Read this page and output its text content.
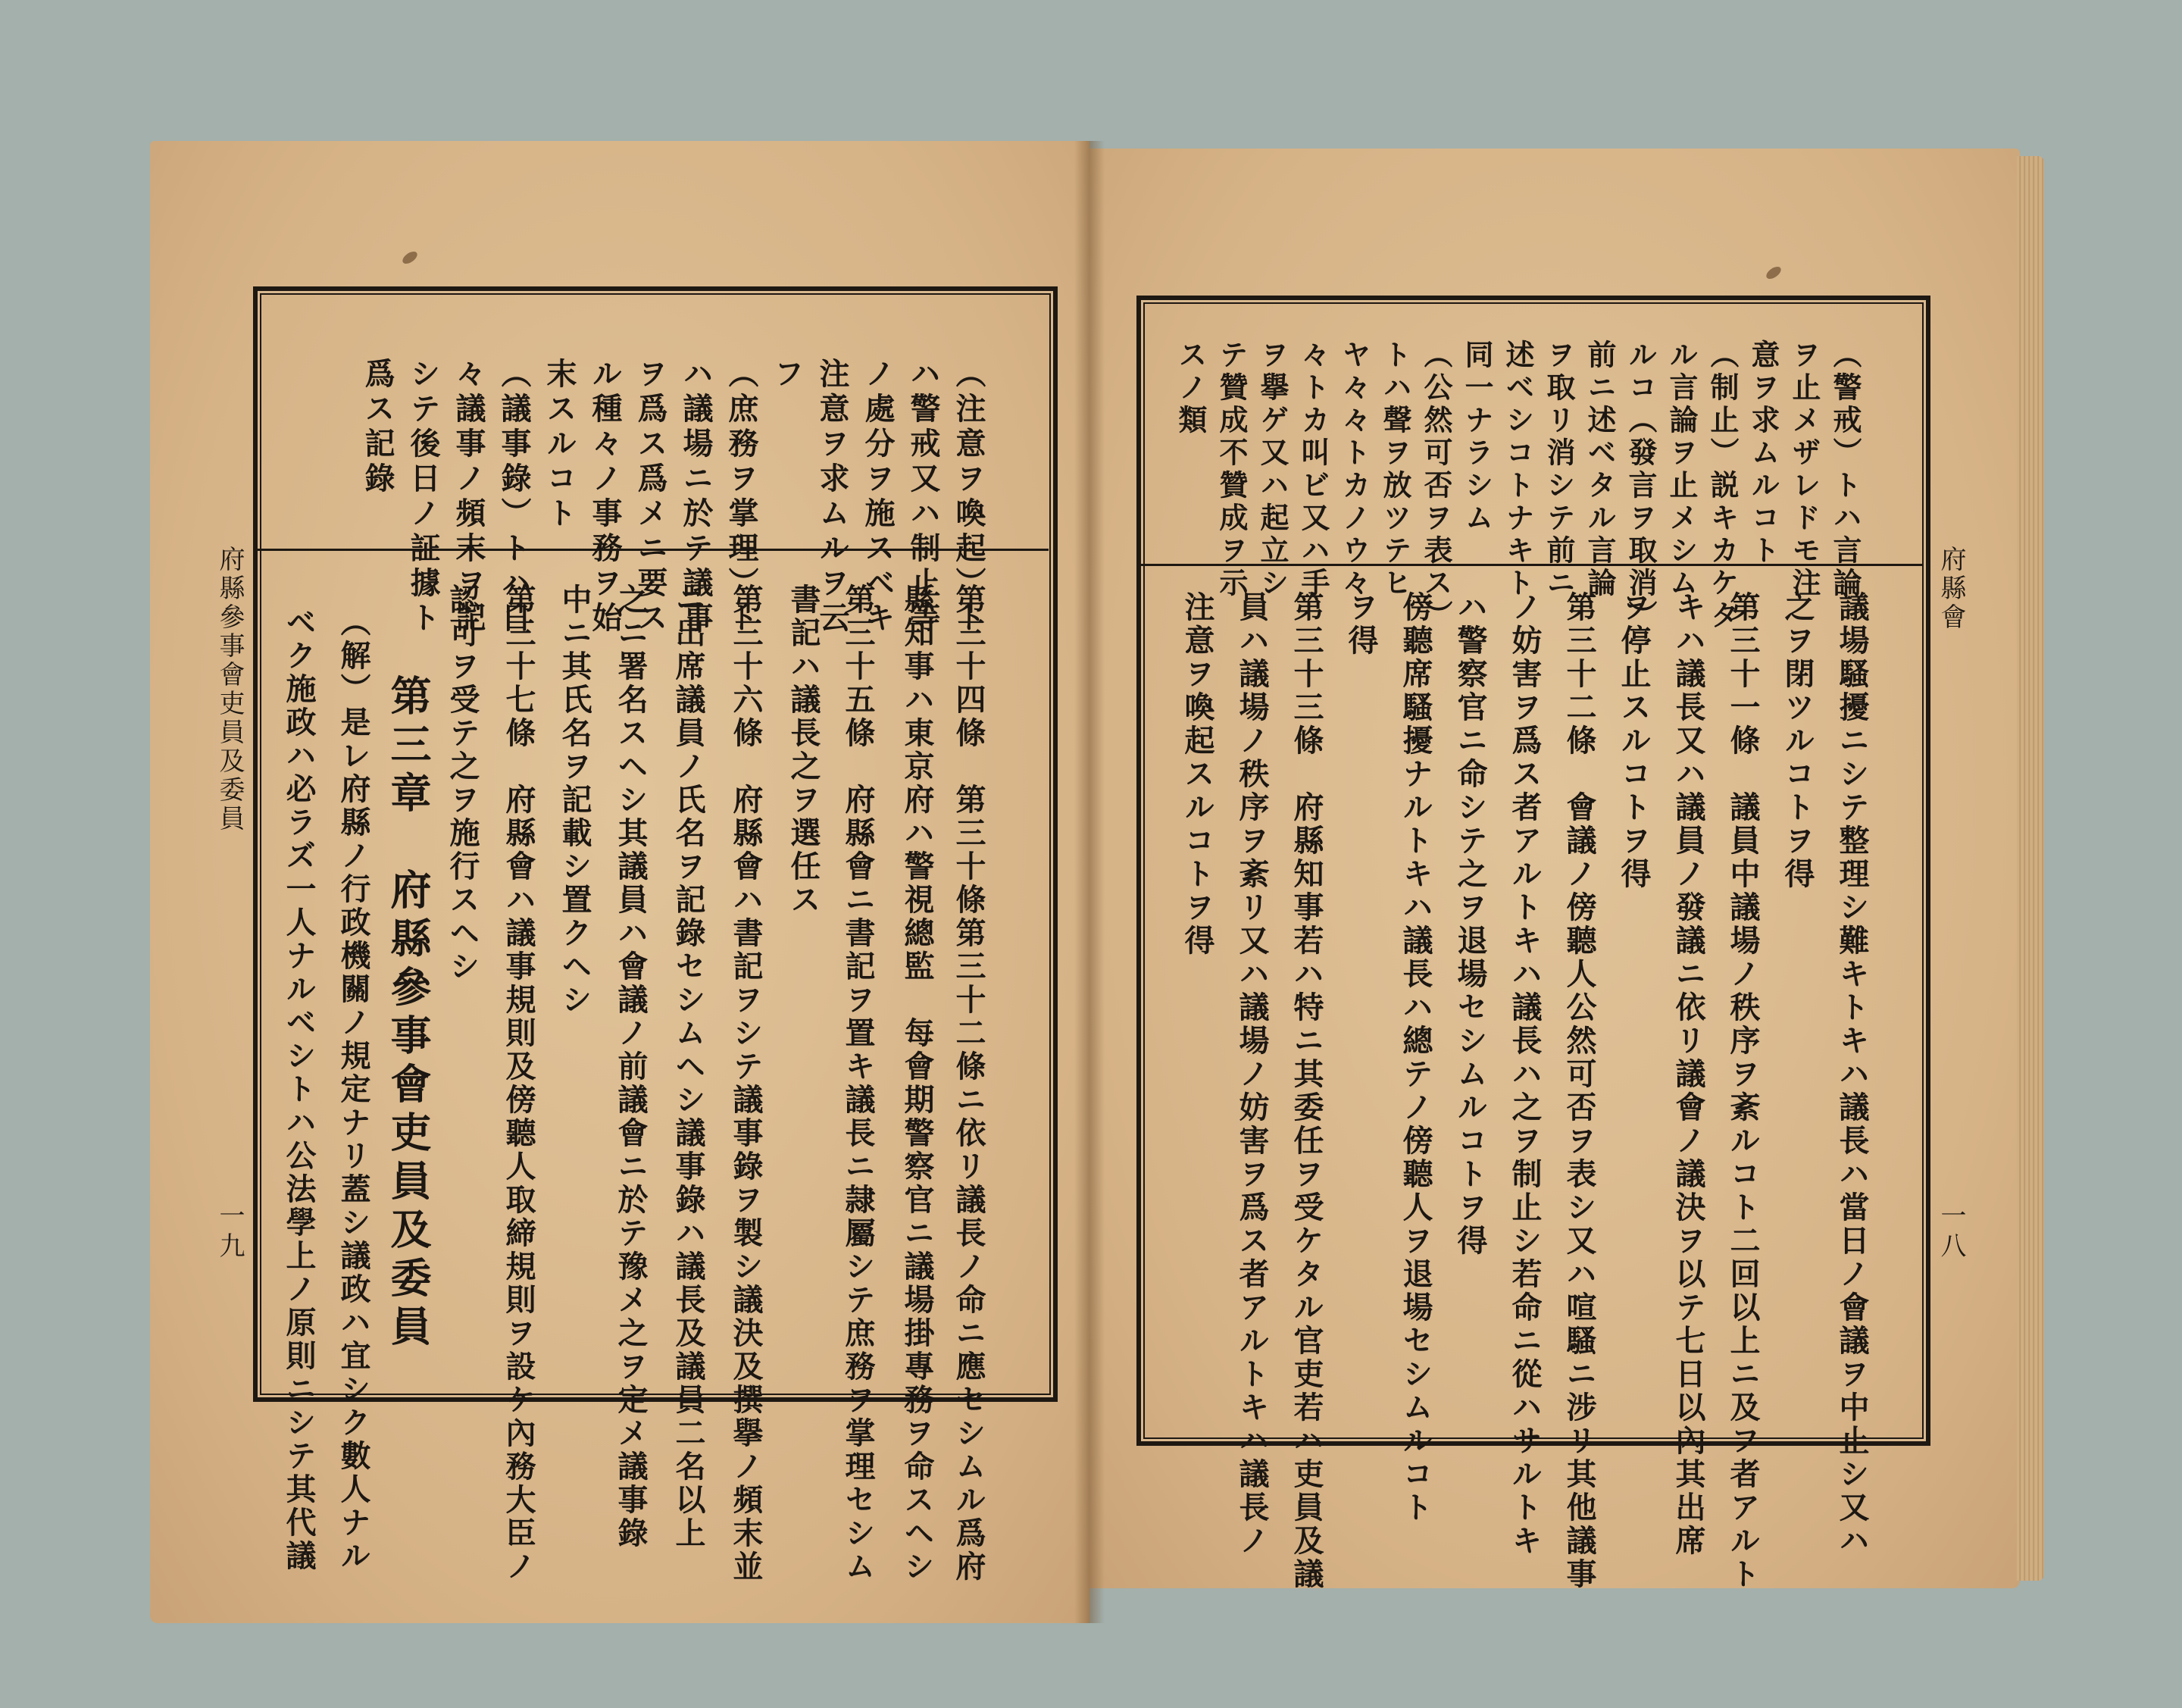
府縣參事會吏員及委員
一九
府縣會
一八
（注意ヲ喚起）ト
ハ警戒又ハ制止等
ノ處分ヲ施スベキ
注意ヲ求ムルヲ云
フ
（庶務ヲ掌理）ト
ハ議場ニ於テ議事
ヲ爲ス爲メニ要ス
ル種々ノ事務ヲ始
末スルコト
（議事錄）トハ日
々議事ノ頻末ヲ記
シテ後日ノ証據ト
爲ス記錄
第三十四條　第三十條第三十二條ニ依リ議長ノ命ニ應セシムル爲府
縣知事ハ東京府ハ警視總監　每會期警察官ニ議場掛專務ヲ命スヘシ
第三十五條　府縣會ニ書記ヲ置キ議長ニ隷屬シテ庶務ヲ掌理セシム
書記ハ議長之ヲ選任ス
第三十六條　府縣會ハ書記ヲシテ議事錄ヲ製シ議決及撰擧ノ頻末並
ニ出席議員ノ氏名ヲ記錄セシムヘシ議事錄ハ議長及議員二名以上
之ニ署名スヘシ其議員ハ會議ノ前議會ニ於テ豫メ之ヲ定メ議事錄
中ニ其氏名ヲ記載シ置クヘシ
第三十七條　府縣會ハ議事規則及傍聽人取締規則ヲ設ケ內務大臣ノ
認可ヲ受テ之ヲ施行スヘシ
第三章　府縣參事會吏員及委員
（解）是レ府縣ノ行政機關ノ規定ナリ蓋シ議政ハ宜シク數人ナル
ベク施政ハ必ラズ一人ナルベシトハ公法學上ノ原則ニシテ其代議
（警戒）トハ言論
ヲ止メザレドモ注
意ヲ求ムルコト
（制止）説キカケタ
ル言論ヲ止メシム
ルコ（發言ヲ取消）
前ニ述ベタル言論
ヲ取リ消シテ前ニ
述ベシコトナキト
同一ナラシム
（公然可否ヲ表ス）
トハ聲ヲ放ツテヒ
ヤ々々トカノウ々
々トカ叫ビ又ハ手
ヲ擧ゲ又ハ起立シ
テ贊成不贊成ヲ示
スノ類
議場騷擾ニシテ整理シ難キトキハ議長ハ當日ノ會議ヲ中止シ又ハ
之ヲ閉ツルコトヲ得
第三十一條　議員中議場ノ秩序ヲ紊ルコト二回以上ニ及フ者アルト
キハ議長又ハ議員ノ發議ニ依リ議會ノ議決ヲ以テ七日以內其出席
ヲ停止スルコトヲ得
第三十二條　會議ノ傍聽人公然可否ヲ表シ又ハ喧騷ニ涉リ其他議事
ノ妨害ヲ爲ス者アルトキハ議長ハ之ヲ制止シ若命ニ從ハサルトキ
ハ警察官ニ命シテ之ヲ退場セシムルコトヲ得
傍聽席騷擾ナルトキハ議長ハ總テノ傍聽人ヲ退場セシムルコト
ヲ得
第三十三條　府縣知事若ハ特ニ其委任ヲ受ケタル官吏若ハ吏員及議
員ハ議場ノ秩序ヲ紊リ又ハ議場ノ妨害ヲ爲ス者アルトキハ議長ノ
注意ヲ喚起スルコトヲ得
